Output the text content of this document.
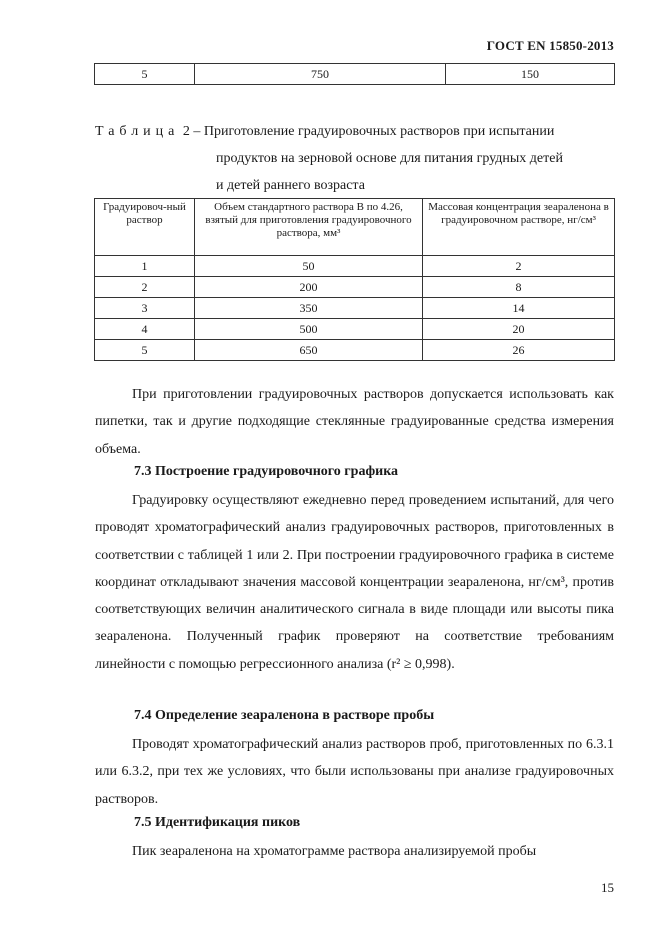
ГОСТ EN 15850-2013
5	750	150
Таблица 2 – Приготовление градуировочных растворов при испытании
продуктов на зерновой основе для питания грудных детей
и детей раннего возраста
Градуировоч-ный раствор	Объем стандартного раствора В по 4.26, взятый для приготовления градуировочного раствора, мм³	Массовая концентрация зеараленона в градуировочном растворе, нг/см³
1	50	2
2	200	8
3	350	14
4	500	20
5	650	26

При приготовлении градуировочных растворов допускается использовать как пипетки, так и другие подходящие стеклянные градуированные средства измерения объема.

7.3 Построение градуировочного графика

Градуировку осуществляют ежедневно перед проведением испытаний, для чего проводят хроматографический анализ градуировочных растворов, приготовленных в соответствии с таблицей 1 или 2. При построении градуировочного графика в системе координат откладывают значения массовой концентрации зеараленона, нг/см³, против соответствующих величин аналитического сигнала в виде площади или высоты пика зеараленона. Полученный график проверяют на соответствие требованиям линейности с помощью регрессионного анализа (r² ≥ 0,998).

7.4 Определение зеараленона в растворе пробы

Проводят хроматографический анализ растворов проб, приготовленных по 6.3.1 или 6.3.2, при тех же условиях, что были использованы при анализе градуировочных растворов.

7.5 Идентификация пиков

Пик зеараленона на хроматограмме раствора анализируемой пробы

15
